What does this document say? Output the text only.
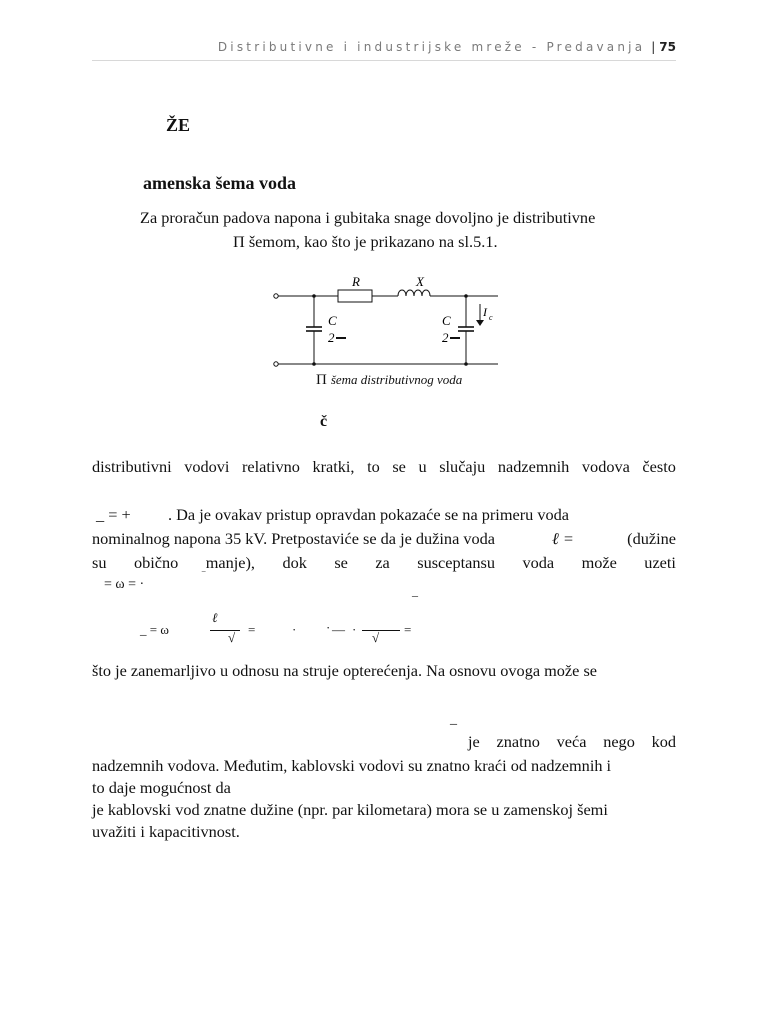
Distributivne i industrijske mreže - Predavanja | 75
ŽE
amenska šema voda
Za proračun padova napona i gubitaka snage dovoljno je distributivne
Π šemom, kao što je prikazano na sl.5.1.
R	X
C
2
C
2
I c
Π šema distributivnog voda
č
distributivni vodovi relativno kratki, to se u slučaju nadzemnih vodova često
_ = + . Da je ovakav pristup opravdan pokazaće se na primeru voda
nominalnog napona 35 kV. Pretpostaviće se da je dužina voda	ℓ =	(dužine
su obično manje), dok se za susceptansu voda može uzeti
= ω = ·	‾
_
_ = ω
ℓ
√
=	· · — ·
√
=
što je zanemarljivo u odnosu na struje opterećenja. Na osnovu ovoga može se
_
je znatno veća nego kod
nadzemnih vodova. Međutim, kablovski vodovi su znatno kraći od nadzemnih i
to daje mogućnost da
je kablovski vod znatne dužine (npr. par kilometara) mora se u zamenskoj šemi
uvažiti i kapacitivnost.
